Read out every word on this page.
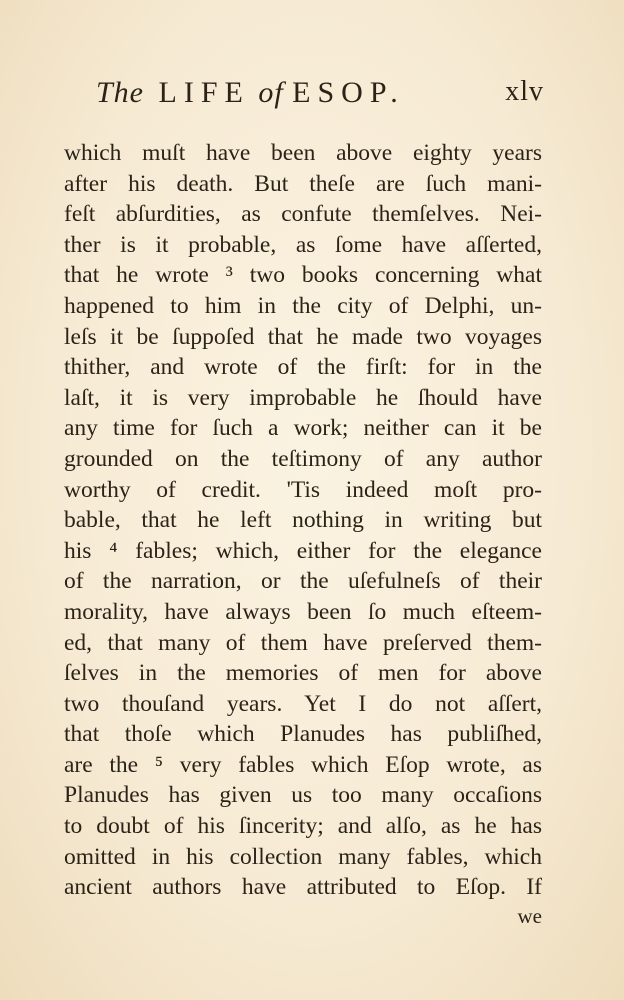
The LIFE of ESOP.	xlv
which muſt have been above eighty years
after his death. But theſe are ſuch mani-
feſt abſurdities, as confute themſelves. Nei-
ther is it probable, as ſome have aſſerted,
that he wrote ³ two books concerning what
happened to him in the city of Delphi, un-
leſs it be ſuppoſed that he made two voyages
thither, and wrote of the firſt: for in the
laſt, it is very improbable he ſhould have
any time for ſuch a work; neither can it be
grounded on the teſtimony of any author
worthy of credit. 'Tis indeed moſt pro-
bable, that he left nothing in writing but
his ⁴ fables; which, either for the elegance
of the narration, or the uſefulneſs of their
morality, have always been ſo much eſteem-
ed, that many of them have preſerved them-
ſelves in the memories of men for above
two thouſand years. Yet I do not aſſert,
that thoſe which Planudes has publiſhed,
are the ⁵ very fables which Eſop wrote, as
Planudes has given us too many occaſions
to doubt of his ſincerity; and alſo, as he has
omitted in his collection many fables, which
ancient authors have attributed to Eſop. If
we
